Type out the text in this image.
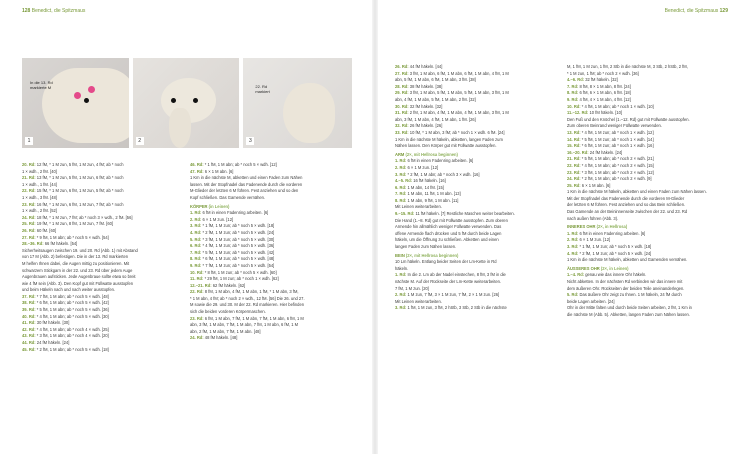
128 Benedict, die Spitzmaus
In die 13. Rd markierte M
1	2
22. Rd markiert
3
20. Rd: 12 fM, * 1 M zun, 5 fM, 1 M zun, 4 fM; ab * noch
1 × wdh., 2 fM. [40]
21. Rd: 13 fM, * 1 M zun, 5 fM, 1 M zun, 6 fM; ab * noch
1 × wdh., 1 fM. [44]
22. Rd: 15 fM, * 1 M zun, 6 fM, 1 M zun, 5 fM; ab * noch
1 × wdh., 3 fM. [48]
23. Rd: 16 fM, * 1 M zun, 6 fM, 1 M zun, 7 fM; ab * noch
1 × wdh., 2 fM. [52]
24. Rd: 18 fM, * 1 M zun, 7 fM; ab * noch 3 × wdh., 2 fM. [56]
25. Rd: 19 fM, * 1 M zun, 8 fM, 1 M zun, 7 fM. [60]
26. Rd: 60 fM. [60]
27. Rd: * 9 fM, 1 M abn; ab * noch 5 × wdh. [54]
28.–36. Rd: 66 fM häkeln. [54]
Sicherheitsaugen zwischen 19. und 20. Rd (Abb. 1) mit Abstand
von 17 M (Abb. 2) befestigen. Die in der 13. Rd markierten
M helfen Ihnen dabei, die Augen mittig zu positionieren. Mit
schwarzem Stickgarn in der 22. und 23. Rd über jedem Auge
Augenbrauen aufsticken. Jede Augenbraue sollte etwa so breit
wie 4 fM sein (Abb. 3). Den Kopf gut mit Füllwatte ausstopfen
und beim Häkeln nach und nach weiter ausstopfen.
37. Rd: * 7 fM, 1 M abn; ab * noch 5 × wdh. [48]
38. Rd: * 6 fM, 1 M abn; ab * noch 5 × wdh. [42]
39. Rd: * 5 fM, 1 M abn; ab * noch 5 × wdh. [36]
40. Rd: * 4 fM, 1 M abn; ab * noch 5 × wdh. [30]
41. Rd: 30 fM häkeln. [30]
42. Rd: * 4 fM, 1 M abn; ab * noch 4 × wdh. [25]
43. Rd: * 3 fM, 1 M abn; ab * noch 4 × wdh. [20]
44. Rd: 24 fM häkeln. [24]
45. Rd: * 2 fM, 1 M abn; ab * noch 5 × wdh. [18]
46. Rd: * 1 fM, 1 M abn; ab * noch 5 × wdh. [12]
47. Rd: 6 × 1 M abn. [6]
1 Km in die nächste M, abketten und einen Faden zum Nähen
lassen. Mit der Stopfnadel das Fadenende durch die vorderen
M-Glieder der letzten 6 M führen. Fest anziehen und so den
Kopf schließen. Das Gamende vernähen.
KÖRPER (in Leinen)
1. Rd: 6 fM in einen Fadenring arbeiten. [6]
2. Rd: 6 × 1 M zun. [12]
3. Rd: * 1 fM, 1 M zun; ab * noch 5 × wdh. [18]
4. Rd: * 2 fM, 1 M zun; ab * noch 5 × wdh. [24]
5. Rd: * 3 fM, 1 M zun; ab * noch 5 × wdh. [30]
6. Rd: * 4 fM, 1 M zun; ab * noch 5 × wdh. [36]
7. Rd: * 5 fM, 1 M zun; ab * noch 5 × wdh. [42]
8. Rd: * 6 fM, 1 M zun; ab * noch 5 × wdh. [48]
9. Rd: * 7 fM, 1 M zun; ab * noch 5 × wdh. [54]
10. Rd: * 8 fM, 1 M zun; ab * noch 5 × wdh. [60]
11. Rd: * 29 fM, 1 M zun; ab * noch 1 × wdh. [62]
12.–21. Rd: 62 fM häkeln. [62]
22. Rd: 8 fM, 1 M abn, 4 fM, 1 M abn, 1 fM, * 1 M abn, 3 fM,
* 1 M abn, 4 fM; ab * noch 2 × wdh., 12 fM. [56] Die 26. und 27.
M sowie die 29. und 30. M der 22. Rd markieren. Hier befinden
sich die beiden vorderen Körpermaschen.
23. Rd: 6 fM, 1 M abn, 7 fM, 1 M abn, 7 fM, 1 M abn, 6 fM, 1 M
abn, 3 fM, 1 M abn, 7 fM, 1 M abn, 7 fM, 1 M abn, 6 fM, 1 M
abn, 2 fM, 1 M abn, 7 fM, 1 M abn. [48]
24. Rd: 48 fM häkeln. [48]
Benedict, die Spitzmaus 129
26. Rd: 44 fM häkeln. [44]
27. Rd: 3 fM, 1 M abn, 6 fM, 1 M abn, 6 fM, 1 M abn, 4 fM, 1 M
abn, 5 fM, 1 M abn, 6 fM, 1 M abn, 3 fM. [38]
28. Rd: 38 fM häkeln. [38]
29. Rd: 3 fM, 1 M abn, 5 fM, 1 M abn, 5 fM, 1 M abn, 3 fM, 1 M
abn, 4 fM, 1 M abn, 5 fM, 1 M abn, 2 fM. [32]
30. Rd: 32 fM häkeln. [32]
31. Rd: 2 fM, 1 M abn, 4 fM, 1 M abn, 4 fM, 1 M abn, 3 fM, 1 M
abn, 3 fM, 1 M abn, 4 fM, 1 M abn, 1 fM. [26]
32. Rd: 26 fM häkeln. [26]
33. Rd: 10 fM, * 1 M abn, 3 fM; ab * noch 1 × wdh. 6 fM. [24]
1 Km in die nächste M häkeln, abketten, langen Faden zum
Nähen lassen. Den Körper gut mit Füllwatte ausstopfen.
ARM (2×, mit Hellrosa beginnen)
1. Rd: 6 fM in einen Fadenring arbeiten. [6]
2. Rd: 6 × 1 M zun. [12]
3. Rd: * 2 fM, 1 M abn; ab * noch 3 × wdh. [16]
4.–5. Rd: 16 fM häkeln. [16]
6. Rd: 1 M abn, 14 fM. [15]
7. Rd: 1 M abn, 11 fM, 1 M abn. [13]
8. Rd: 1 M abn, 9 fM, 1 M abn. [11]
Mit Leinen weiterarbeiten.
9.–15. Rd: 11 fM häkeln. [7] Restliche Maschen weiter bearbeiten.
Die Hand (1.–8. Rd) gut mit Füllwatte ausstopfen. Zum oberen
Armende hin allmählich weniger Füllwatte verwenden. Das
offene Armende flach drücken und 5 fM durch beide Lagen
häkeln, um die Öffnung zu schließen. Abketten und einen
langen Faden zum Nähen lassen.
BEIN (2×, mit Hellrosa beginnen)
10 Lm häkeln. Entlang beider Seiten der Lm-Kette in Rd
häkeln.
1. Rd: In die 2. Lm ab der Nadel einstechen, 8 fM, 3 fM in die
nächste M. Auf der Rückseite der Lm-Kette weiterarbeiten.
7 fM, 1 M zun. [20]
2. Rd: 1 M zun, 7 fM, 3 × 1 M zun, 7 fM, 2 × 1 M zun. [26]
Mit Leinen weiterarbeiten.
3. Rd: 1 fM, 1 M zun, 3 fM, 2 hStb, 3 Stb, 2 Stb in die nächste
M, 1 fM, 1 M zun, 1 fM, 2 Stb in die nächste M, 3 Stb, 2 hStb, 2 fM,
* 1 M zun, 1 fM; ab * noch 2 × wdh. [36]
4.–6. Rd: 32 fM häkeln. [32]
7. Rd: 8 fM, 8 × 1 M abn, 8 fM. [24]
8. Rd: 6 fM, 6 × 1 M abn, 6 fM. [18]
9. Rd: 4 fM, 4 × 1 M abn, 4 fM. [12]
10. Rd: * 4 fM, 1 M abn; ab * noch 1 × wdh. [10]
11.–12. Rd: 10 fM häkeln. [10]
Den Fuß und den Knöchel (1.–12. Rd) gut mit Füllwatte ausstopfen.
Zum oberen Beinrand weniger Füllwatte verwenden.
13. Rd: * 4 fM, 1 M zun; ab * noch 1 × wdh. [12]
14. Rd: * 5 fM, 1 M zun; ab * noch 1 × wdh. [14]
15. Rd: * 6 fM, 1 M zun; ab * noch 1 × wdh. [16]
16.–20. Rd: 24 fM häkeln. [24]
21. Rd: * 5 fM, 1 M abn; ab * noch 2 × wdh. [21]
22. Rd: * 4 fM, 1 M abn; ab * noch 2 × wdh. [15]
23. Rd: * 3 fM, 1 M abn; ab * noch 2 × wdh. [12]
24. Rd: * 2 fM, 1 M abn; ab * noch 2 × wdh. [9]
25. Rd: 6 × 1 M abn. [6]
1 Km in die nächste M häkeln, abketten und einen Faden zum Nähen lassen.
Mit der Stopfnadel das Fadenende durch die vorderen M-Glieder
der letzten 6 M führen. Fest anziehen und so das Bein schließen.
Das Gamende an der Beininnenseite zwischen der 22. und 23. Rd
nach außen führen (Abb. 3).
INNERES OHR (2×, in Hellrosa)
1. Rd: 6 fM in einen Fadenring arbeiten. [6]
2. Rd: 6 × 1 M zun. [12]
3. Rd: * 1 fM, 1 M zun; ab * noch 5 × wdh. [18]
4. Rd: * 2 fM, 1 M zun; ab * noch 5 × wdh. [24]
1 Km in die nächste M häkeln, abketten und Gamenden vernähen.
ÄUSSERES OHR (2×, in Leinen)
1.–4. Rd: genau wie das innere Ohr häkeln.
Nicht abketten. In der nächsten Rd verbinden wir das innere mit
dem äußeren Ohr. Rückseiten der beiden Teile aneinanderlegen.
5. Rd: Das äußere Ohr zeigt zu Ihnen. 1 M häkeln, 24 fM durch
beide Lagen arbeiten. [24]
Ohr in der Mitte falten und durch beide Seiten arbeiten, 2 fM, 1 Km in
die nächste M (Abb. 5). Abketten, langen Faden zum Nähen lassen.
